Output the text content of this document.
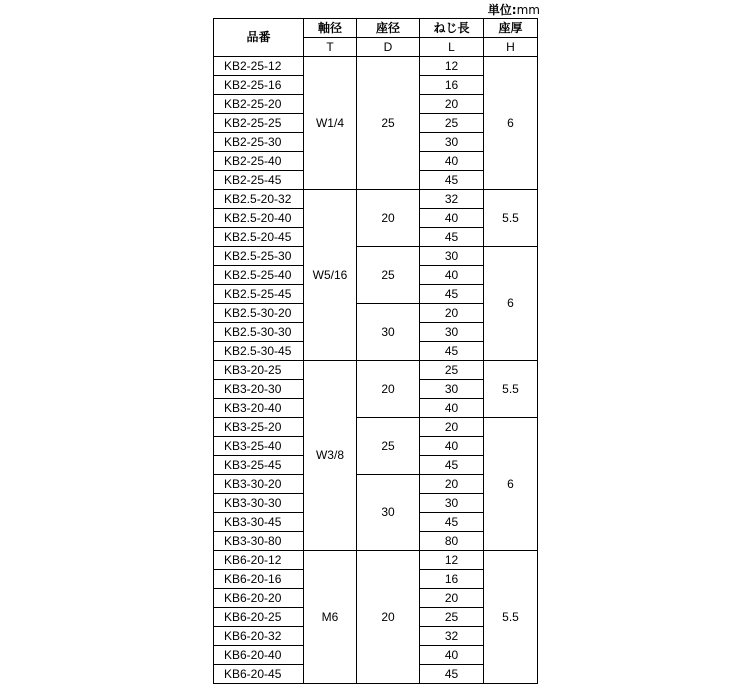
単位:mm
品番	軸径	座径	ねじ長	座厚
	T	D	L	H
KB2-25-12	W1/4	25	12	6
KB2-25-16			16	
KB2-25-20			20	
KB2-25-25			25	
KB2-25-30			30	
KB2-25-40			40	
KB2-25-45			45	
KB2.5-20-32	W5/16	20	32	5.5
KB2.5-20-40			40	
KB2.5-20-45			45	
KB2.5-25-30		25	30	6
KB2.5-25-40			40	
KB2.5-25-45			45	
KB2.5-30-20		30	20	
KB2.5-30-30			30	
KB2.5-30-45			45	
KB3-20-25	W3/8	20	25	5.5
KB3-20-30			30	
KB3-20-40			40	
KB3-25-20		25	20	6
KB3-25-40			40	
KB3-25-45			45	
KB3-30-20		30	20	
KB3-30-30			30	
KB3-30-45			45	
KB3-30-80			80	
KB6-20-12	M6	20	12	5.5
KB6-20-16			16	
KB6-20-20			20	
KB6-20-25			25	
KB6-20-32			32	
KB6-20-40			40	
KB6-20-45			45	
